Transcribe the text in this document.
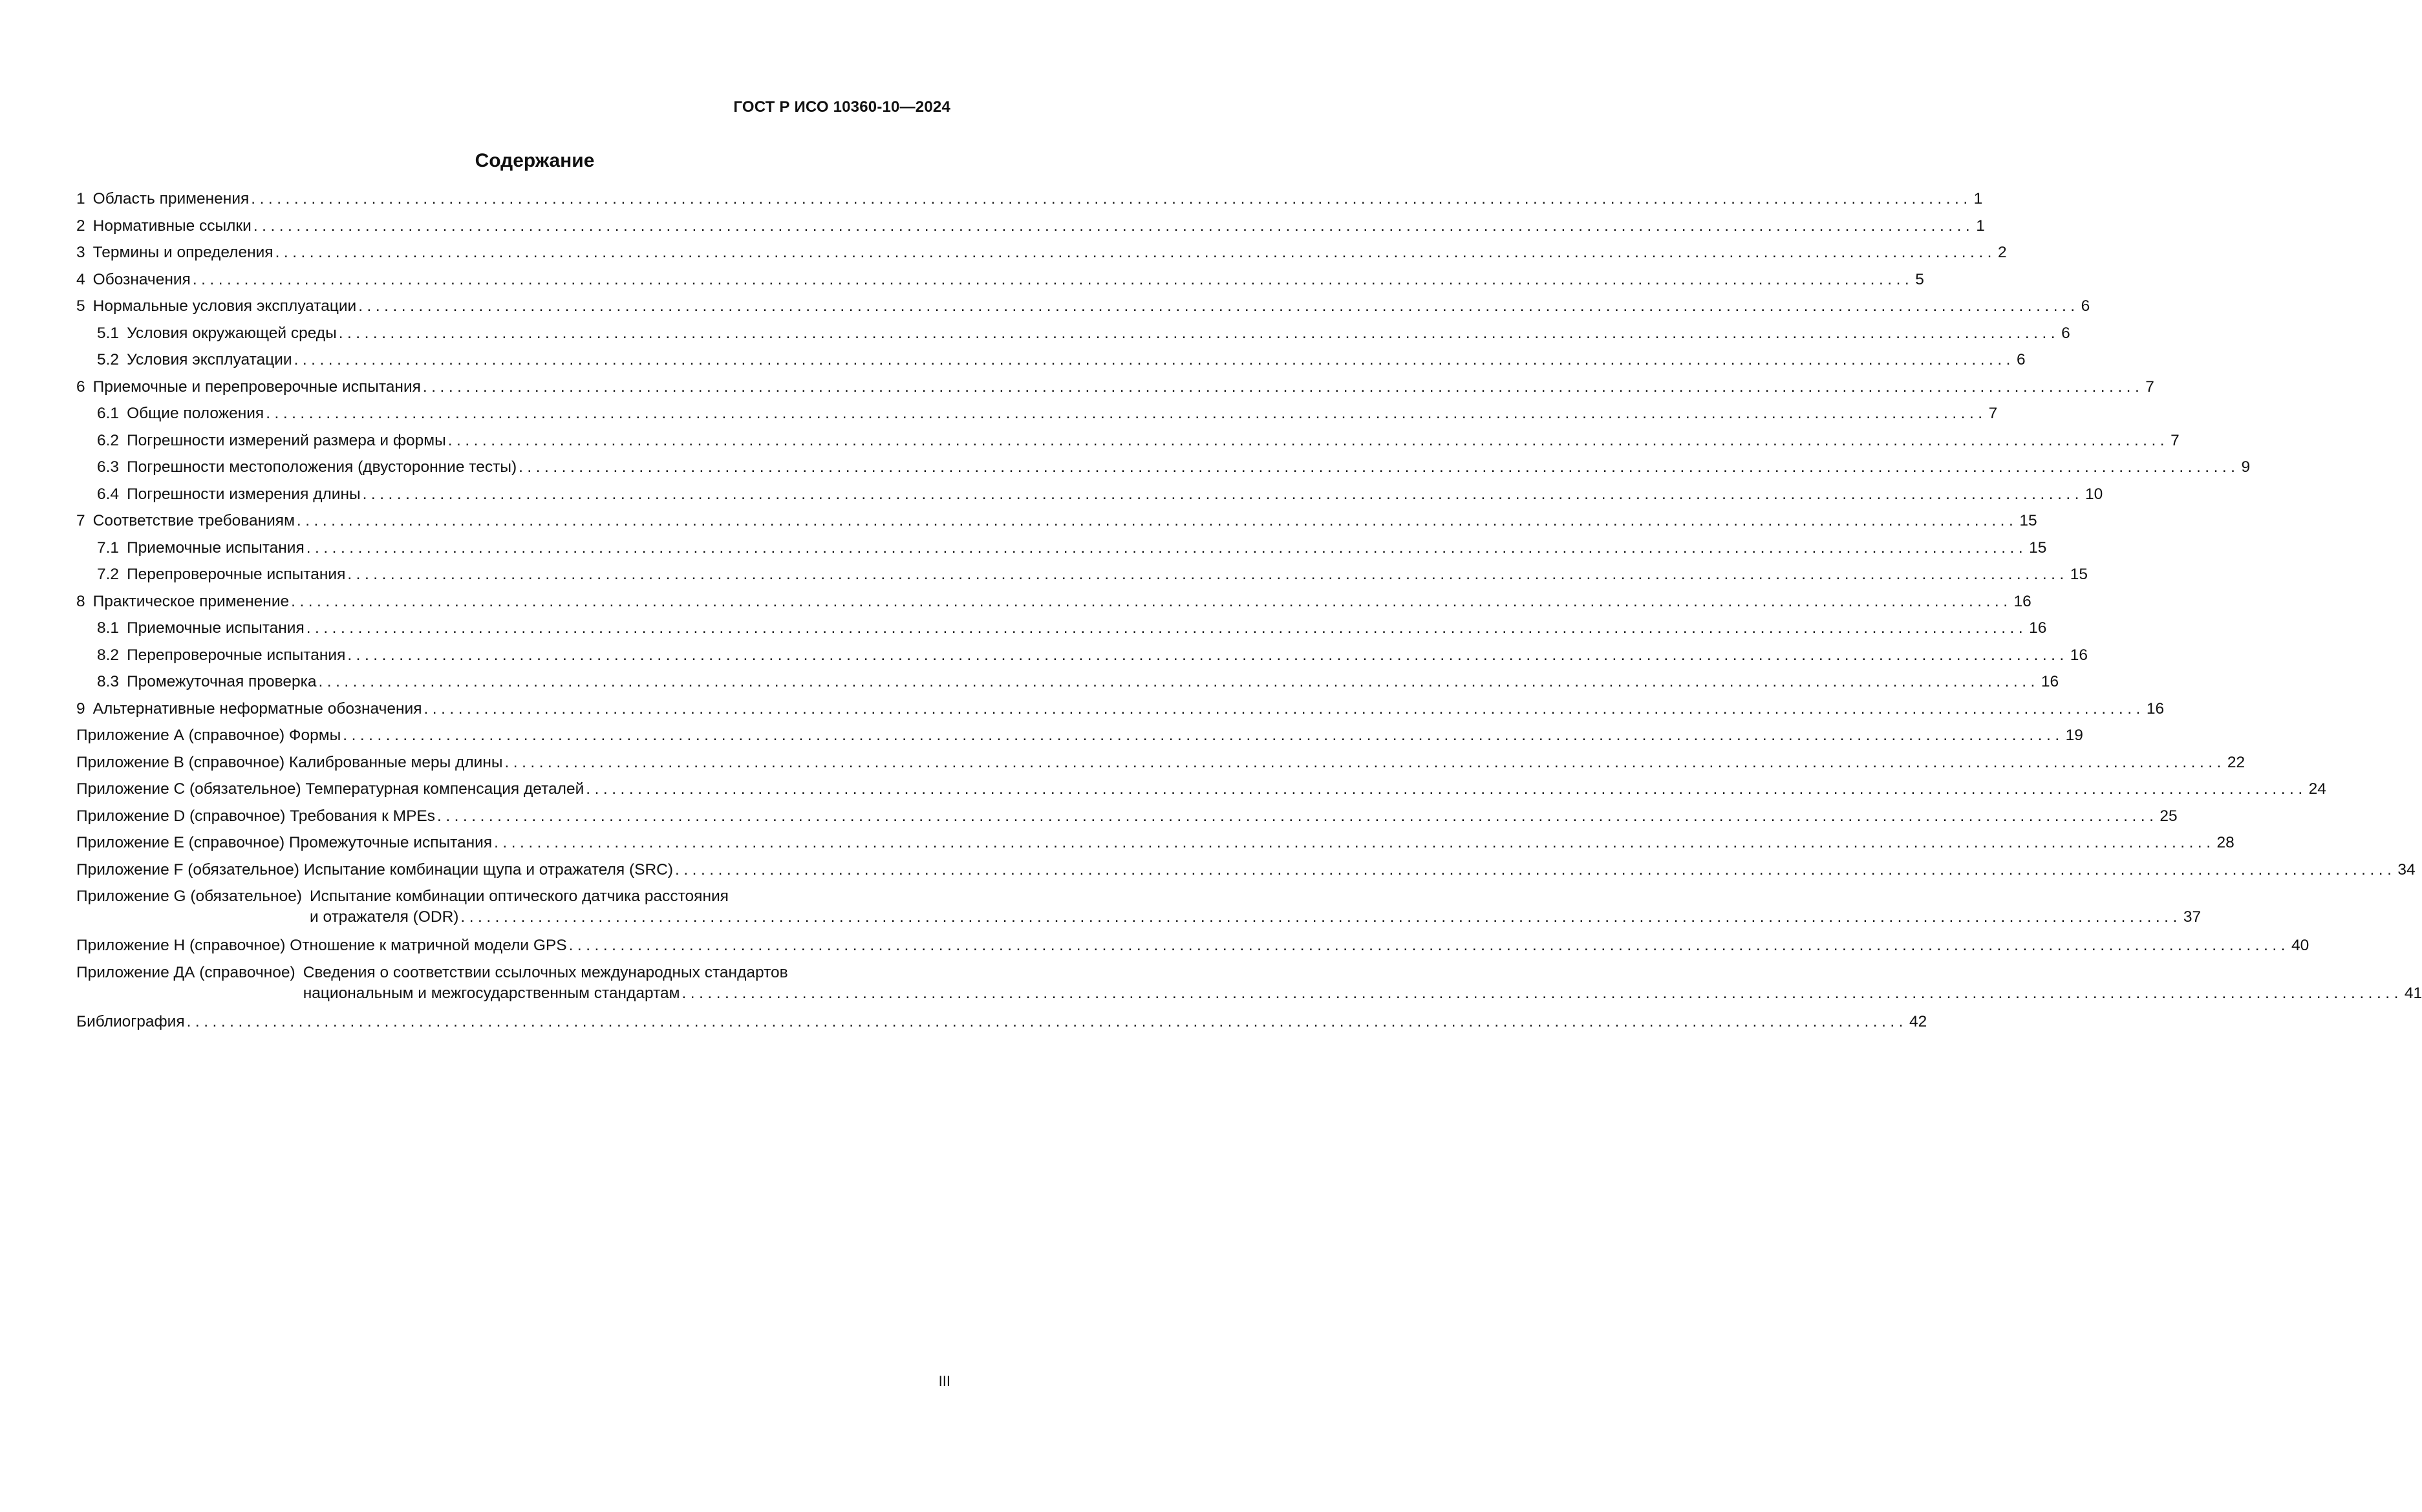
ГОСТ Р ИСО 10360-10—2024
Содержание
1 Область применения ........................................................................................................................................................................................................ 1
2 Нормативные ссылки ........................................................................................................................................................................................................ 1
3 Термины и определения ........................................................................................................................................................................................................ 2
4 Обозначения ........................................................................................................................................................................................................ 5
5 Нормальные условия эксплуатации ........................................................................................................................................................................................................ 6
5.1 Условия окружающей среды ........................................................................................................................................................................................................ 6
5.2 Условия эксплуатации ........................................................................................................................................................................................................ 6
6 Приемочные и перепроверочные испытания ........................................................................................................................................................................................................ 7
6.1 Общие положения ........................................................................................................................................................................................................ 7
6.2 Погрешности измерений размера и формы ........................................................................................................................................................................................................ 7
6.3 Погрешности местоположения (двусторонние тесты) ........................................................................................................................................................................................................ 9
6.4 Погрешности измерения длины ........................................................................................................................................................................................................ 10
7 Соответствие требованиям ........................................................................................................................................................................................................ 15
7.1 Приемочные испытания ........................................................................................................................................................................................................ 15
7.2 Перепроверочные испытания ........................................................................................................................................................................................................ 15
8 Практическое применение ........................................................................................................................................................................................................ 16
8.1 Приемочные испытания ........................................................................................................................................................................................................ 16
8.2 Перепроверочные испытания ........................................................................................................................................................................................................ 16
8.3 Промежуточная проверка ........................................................................................................................................................................................................ 16
9 Альтернативные неформатные обозначения ........................................................................................................................................................................................................ 16
Приложение А (справочное) Формы ........................................................................................................................................................................................................ 19
Приложение В (справочное) Калиброванные меры длины ........................................................................................................................................................................................................ 22
Приложение С (обязательное) Температурная компенсация деталей ........................................................................................................................................................................................................ 24
Приложение D (справочное) Требования к MPEs ........................................................................................................................................................................................................ 25
Приложение Е (справочное) Промежуточные испытания ........................................................................................................................................................................................................ 28
Приложение F (обязательное) Испытание комбинации щупа и отражателя (SRC) ........................................................................................................................................................................................................ 34
Приложение G (обязательное) Испытание комбинации оптического датчика расстояния
и отражателя (ODR) ........................................................................................................................................................................................................ 37
Приложение Н (справочное) Отношение к матричной модели GPS ........................................................................................................................................................................................................ 40
Приложение ДА (справочное) Сведения о соответствии ссылочных международных стандартов
национальным и межгосударственным стандартам ........................................................................................................................................................................................................ 41
Библиография ........................................................................................................................................................................................................ 42
III
